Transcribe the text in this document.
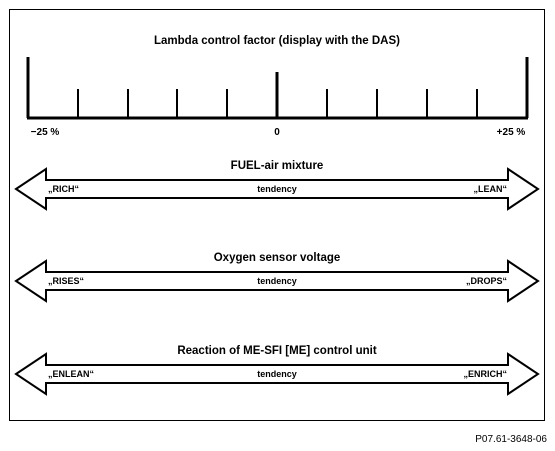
Lambda control factor (display with the DAS)
−25 %	0	+25 %
FUEL-air mixture
„RICH“	tendency	„LEAN“
Oxygen sensor voltage
„RISES“	tendency	„DROPS“
Reaction of ME-SFI [ME] control unit
„ENLEAN“	tendency	„ENRICH“
P07.61-3648-06
